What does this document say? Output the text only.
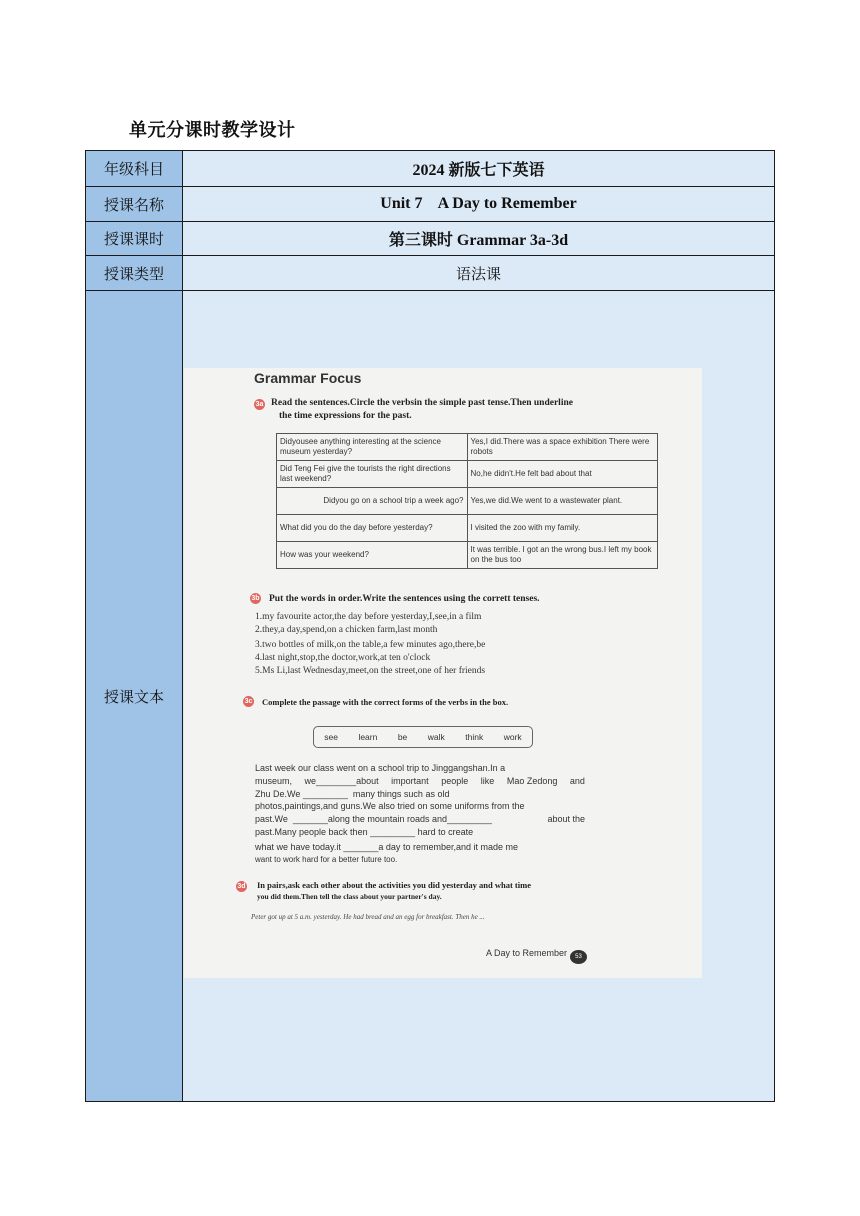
单元分课时教学设计
年级科目	2024 新版七下英语
授课名称	Unit 7    A Day to Remember
授课课时	第三课时 Grammar 3a-3d
授课类型	语法课
授课文本	
Grammar Focus
3a Read the sentences.Circle the verbsin the simple past tense.Then underline
the time expressions for the past.
Didyousee anything interesting at the science museum yesterday?	Yes,I did.There was a space exhibition There were robots
Did Teng Fei give the tourists the right directions last weekend?	No,he didn't.He felt bad about that
Didyou go on a school trip a week ago?	Yes,we did.We went to a wastewater plant.
What did you do the day before yesterday?	I visited the zoo with my family.
How was your weekend?	It was terrible. I got an the wrong bus.I left my book on the bus too
3b Put the words in order.Write the sentences using the corrett tenses.
1.my favourite actor,the day before yesterday,I,see,in a film
2.they,a day,spend,on a chicken farm,last month
3.two bottles of milk,on the table,a few minutes ago,there,be
4.last night,stop,the doctor,work,at ten o'clock
5.Ms Li,last Wednesday,meet,on the street,one of her friends
3c Complete the passage with the correct forms of the verbs in the box.
see learn be walk think work
Last week our class went on a school trip to Jinggangshan.In a
museum, we________about important people like Mao Zedong and
Zhu De.We _________  many things such as old
photos,paintings,and guns.We also tried on some uniforms from the
past.We  _______along the mountain roads and_________	about the
past.Many people back then _________ hard to create
what we have today.it _______a day to remember,and it made me
want to work hard for a better future too.
3d In pairs,ask each other about the activities you did yesterday and what time
you did them.Then tell the class about your partner's day.
Peter got up at 5 a.m. yesterday. He had bread and an egg for breakfast. Then he ...
A Day to Remember	53
